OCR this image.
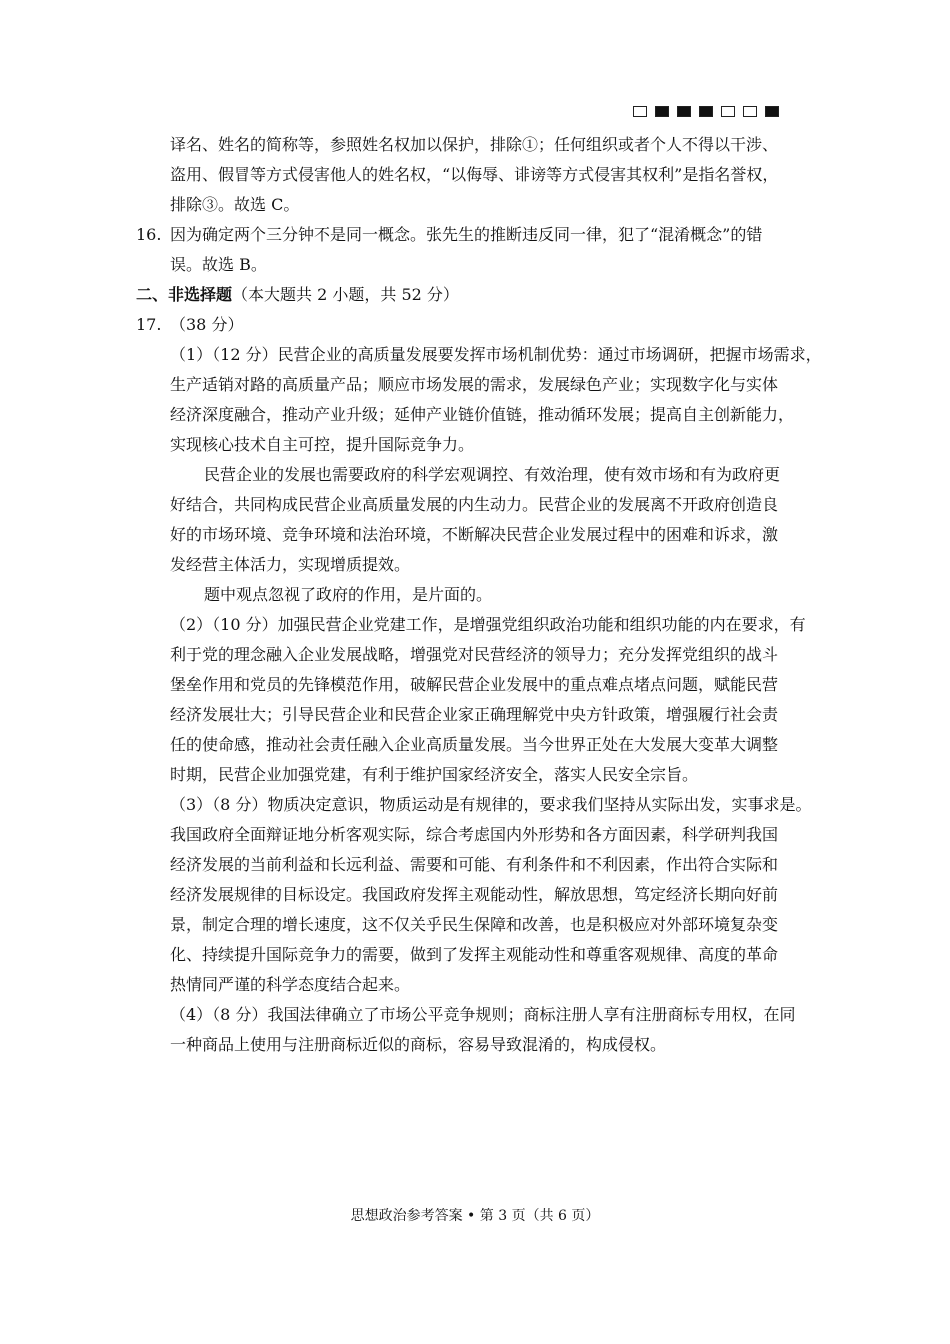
译名、姓名的简称等，参照姓名权加以保护，排除①；任何组织或者个人不得以干涉、
盗用、假冒等方式侵害他人的姓名权，“以侮辱、诽谤等方式侵害其权利”是指名誉权，
排除③。故选 C。
16. 因为确定两个三分钟不是同一概念。张先生的推断违反同一律，犯了“混淆概念”的错
误。故选 B。
二、非选择题（本大题共 2 小题，共 52 分）
17. （38 分）
（1）（12 分）民营企业的高质量发展要发挥市场机制优势：通过市场调研，把握市场需求，
生产适销对路的高质量产品；顺应市场发展的需求，发展绿色产业；实现数字化与实体
经济深度融合，推动产业升级；延伸产业链价值链，推动循环发展；提高自主创新能力，
实现核心技术自主可控，提升国际竞争力。
民营企业的发展也需要政府的科学宏观调控、有效治理，使有效市场和有为政府更
好结合，共同构成民营企业高质量发展的内生动力。民营企业的发展离不开政府创造良
好的市场环境、竞争环境和法治环境，不断解决民营企业发展过程中的困难和诉求，激
发经营主体活力，实现增质提效。
题中观点忽视了政府的作用，是片面的。
（2）（10 分）加强民营企业党建工作，是增强党组织政治功能和组织功能的内在要求，有
利于党的理念融入企业发展战略，增强党对民营经济的领导力；充分发挥党组织的战斗
堡垒作用和党员的先锋模范作用，破解民营企业发展中的重点难点堵点问题，赋能民营
经济发展壮大；引导民营企业和民营企业家正确理解党中央方针政策，增强履行社会责
任的使命感，推动社会责任融入企业高质量发展。当今世界正处在大发展大变革大调整
时期，民营企业加强党建，有利于维护国家经济安全，落实人民安全宗旨。
（3）（8 分）物质决定意识，物质运动是有规律的，要求我们坚持从实际出发，实事求是。
我国政府全面辩证地分析客观实际，综合考虑国内外形势和各方面因素，科学研判我国
经济发展的当前利益和长远利益、需要和可能、有利条件和不利因素，作出符合实际和
经济发展规律的目标设定。我国政府发挥主观能动性，解放思想，笃定经济长期向好前
景，制定合理的增长速度，这不仅关乎民生保障和改善，也是积极应对外部环境复杂变
化、持续提升国际竞争力的需要，做到了发挥主观能动性和尊重客观规律、高度的革命
热情同严谨的科学态度结合起来。
（4）（8 分）我国法律确立了市场公平竞争规则；商标注册人享有注册商标专用权，在同
一种商品上使用与注册商标近似的商标，容易导致混淆的，构成侵权。
思想政治参考答案 • 第 3 页（共 6 页）
